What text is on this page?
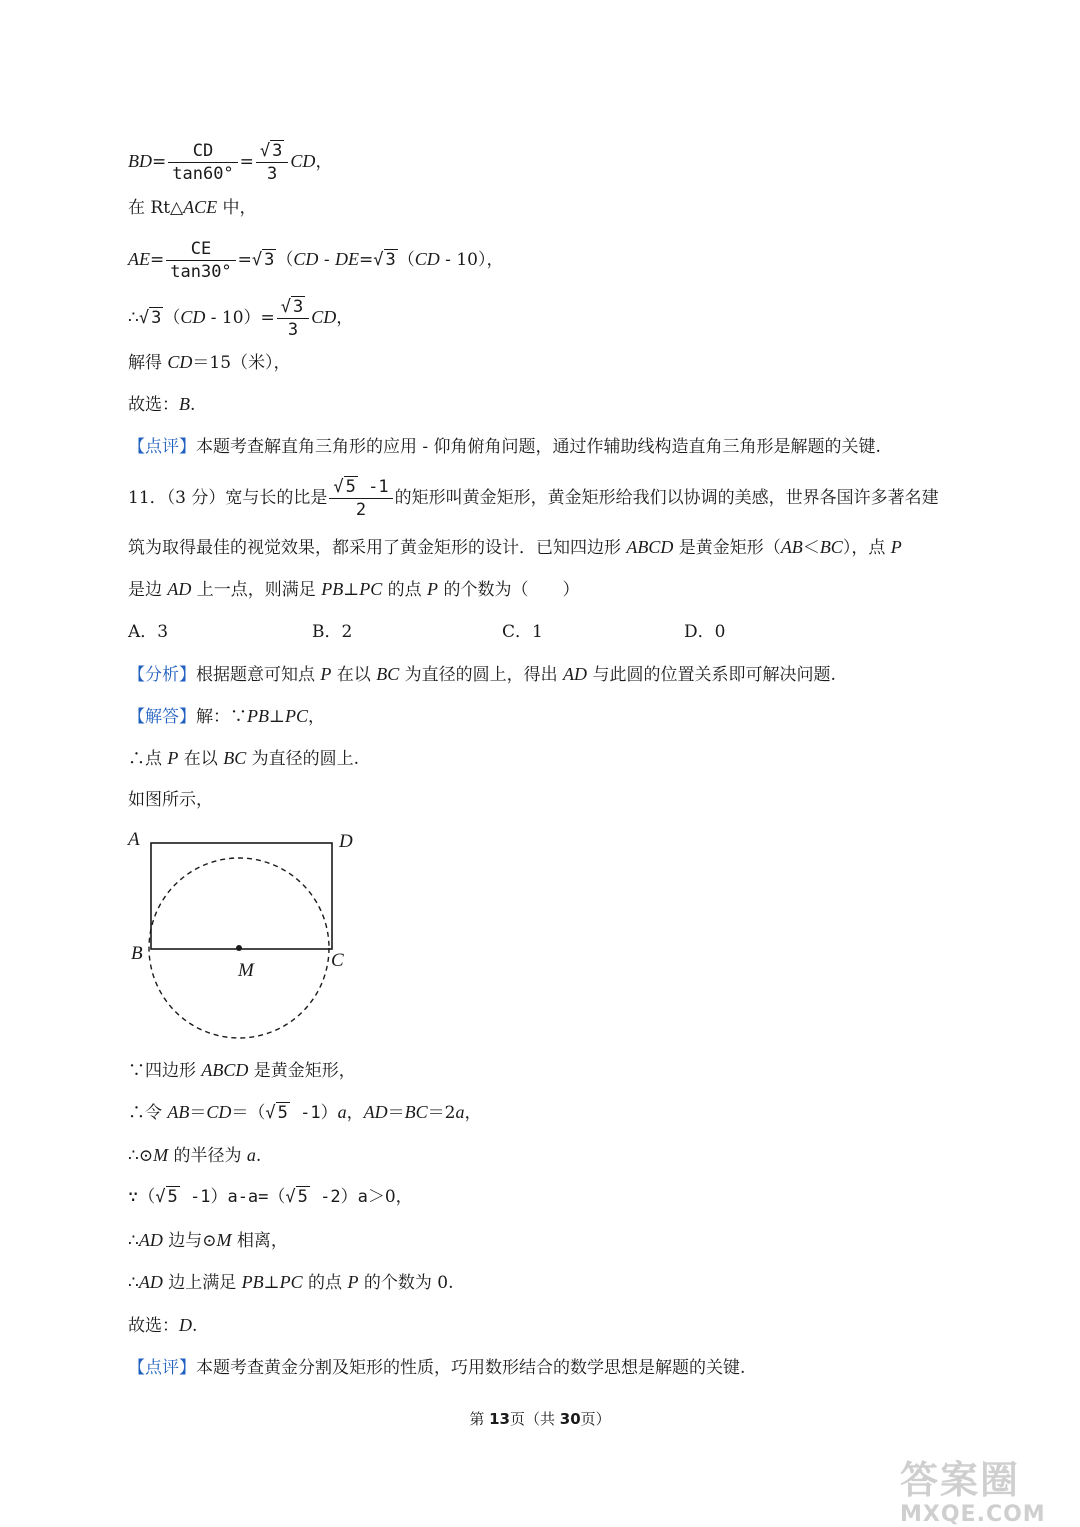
$BD= \frac{CD}{\tan 60^\circ} = \frac{√ 3}{3}$ CD，
在 Rt△ACE 中，
$AE= \frac{CE}{\tan 30^\circ}$ =√ 3 （CD - DE=√ 3 （CD - 10），
∴√ 3 $(CD - 10)= \frac{√ 3}{3}$ CD，
解得 CD＝15（米），
故选：B.
【点评】本题考查解直角三角形的应用 - 仰角俯角问题，通过作辅助线构造直角三角形是解题的关键.
11．（3 分）宽与长的比是 $\frac{√ 5 -1}{2}$ 的矩形叫黄金矩形，黄金矩形给我们以协调的美感，世界各国许多著名建
筑为取得最佳的视觉效果，都采用了黄金矩形的设计．已知四边形 ABCD 是黄金矩形（AB＜BC），点 P
是边 AD 上一点，则满足 PB⊥PC 的点 P 的个数为（　　）
A．3	B．2	C．1	D．0
【分析】根据题意可知点 P 在以 BC 为直径的圆上，得出 AD 与此圆的位置关系即可解决问题.
【解答】解：∵PB⊥PC，
∴点 P 在以 BC 为直径的圆上.
如图所示，
A	D
B	C
M
∵四边形 ABCD 是黄金矩形，
∴令 AB＝CD＝（√ 5 -1）a，AD＝BC＝2a，
∴⊙M 的半径为 a.
∵（√ 5 -1）a-a=（√ 5 -2）a＞0，
∴AD 边与⊙M 相离，
∴AD 边上满足 PB⊥PC 的点 P 的个数为 0.
故选：D.
【点评】本题考查黄金分割及矩形的性质，巧用数形结合的数学思想是解题的关键.
第 13页（共 30页）
答案圈
MXQE.COM
